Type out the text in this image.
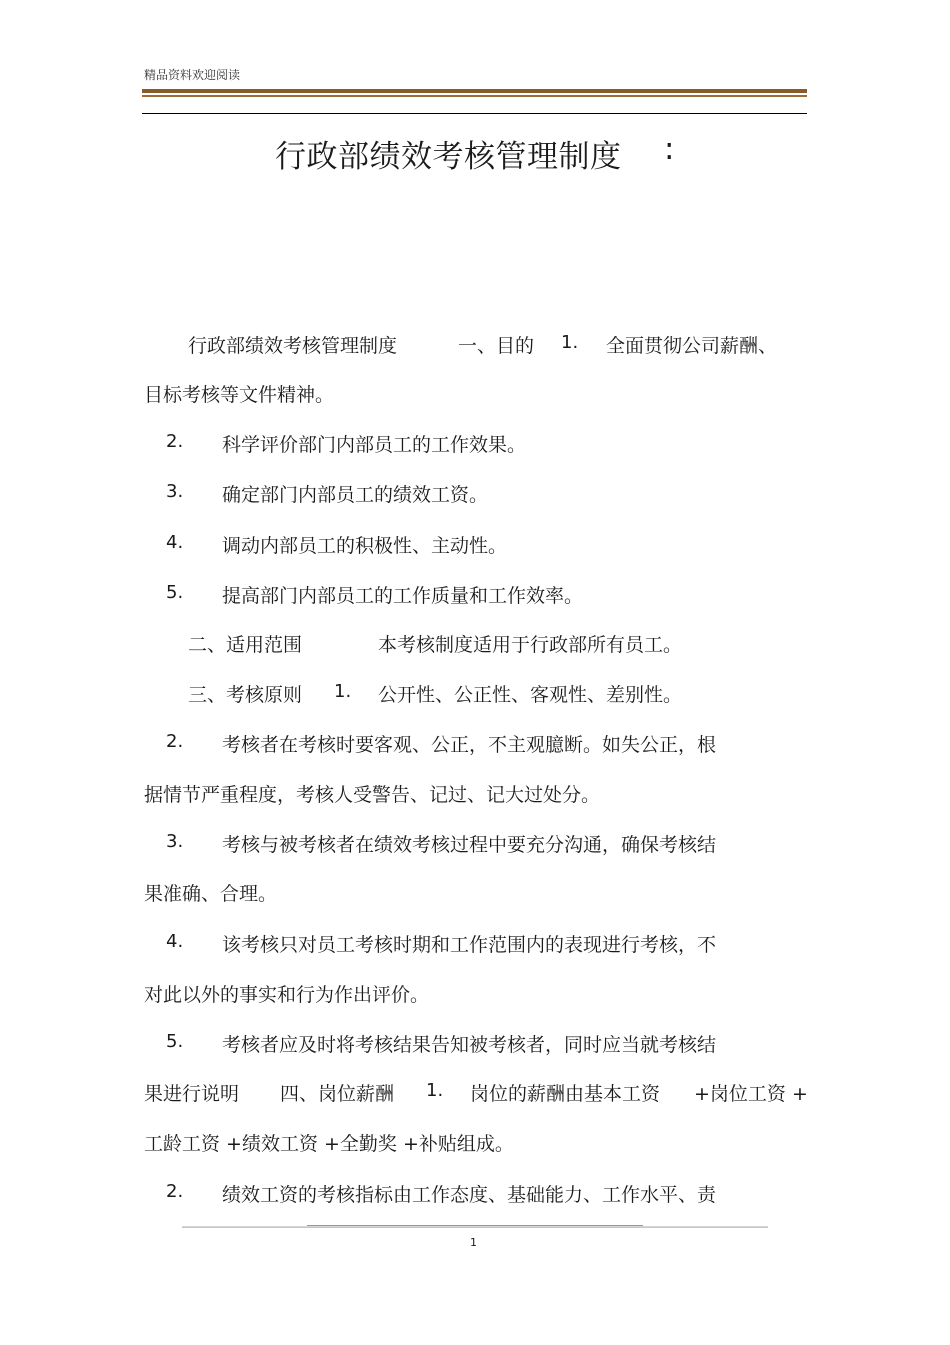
精品资料欢迎阅读
行政部绩效考核管理制度 :
行政部绩效考核管理制度	一、目的 1. 全面贯彻公司薪酬、
目标考核等文件精神。
2. 科学评价部门内部员工的工作效果。
3. 确定部门内部员工的绩效工资。
4. 调动内部员工的积极性、主动性。
5. 提高部门内部员工的工作质量和工作效率。
二、适用范围	本考核制度适用于行政部所有员工。
三、考核原则 1. 公开性、公正性、客观性、差别性。
2. 考核者在考核时要客观、公正，不主观臆断。如失公正，根
据情节严重程度，考核人受警告、记过、记大过处分。
3. 考核与被考核者在绩效考核过程中要充分沟通，确保考核结
果准确、合理。
4. 该考核只对员工考核时期和工作范围内的表现进行考核，不
对此以外的事实和行为作出评价。
5. 考核者应及时将考核结果告知被考核者，同时应当就考核结
果进行说明 四、岗位薪酬 1. 岗位的薪酬由基本工资 +岗位工资 +
工龄工资 +绩效工资 +全勤奖 +补贴组成。
2. 绩效工资的考核指标由工作态度、基础能力、工作水平、责
1
